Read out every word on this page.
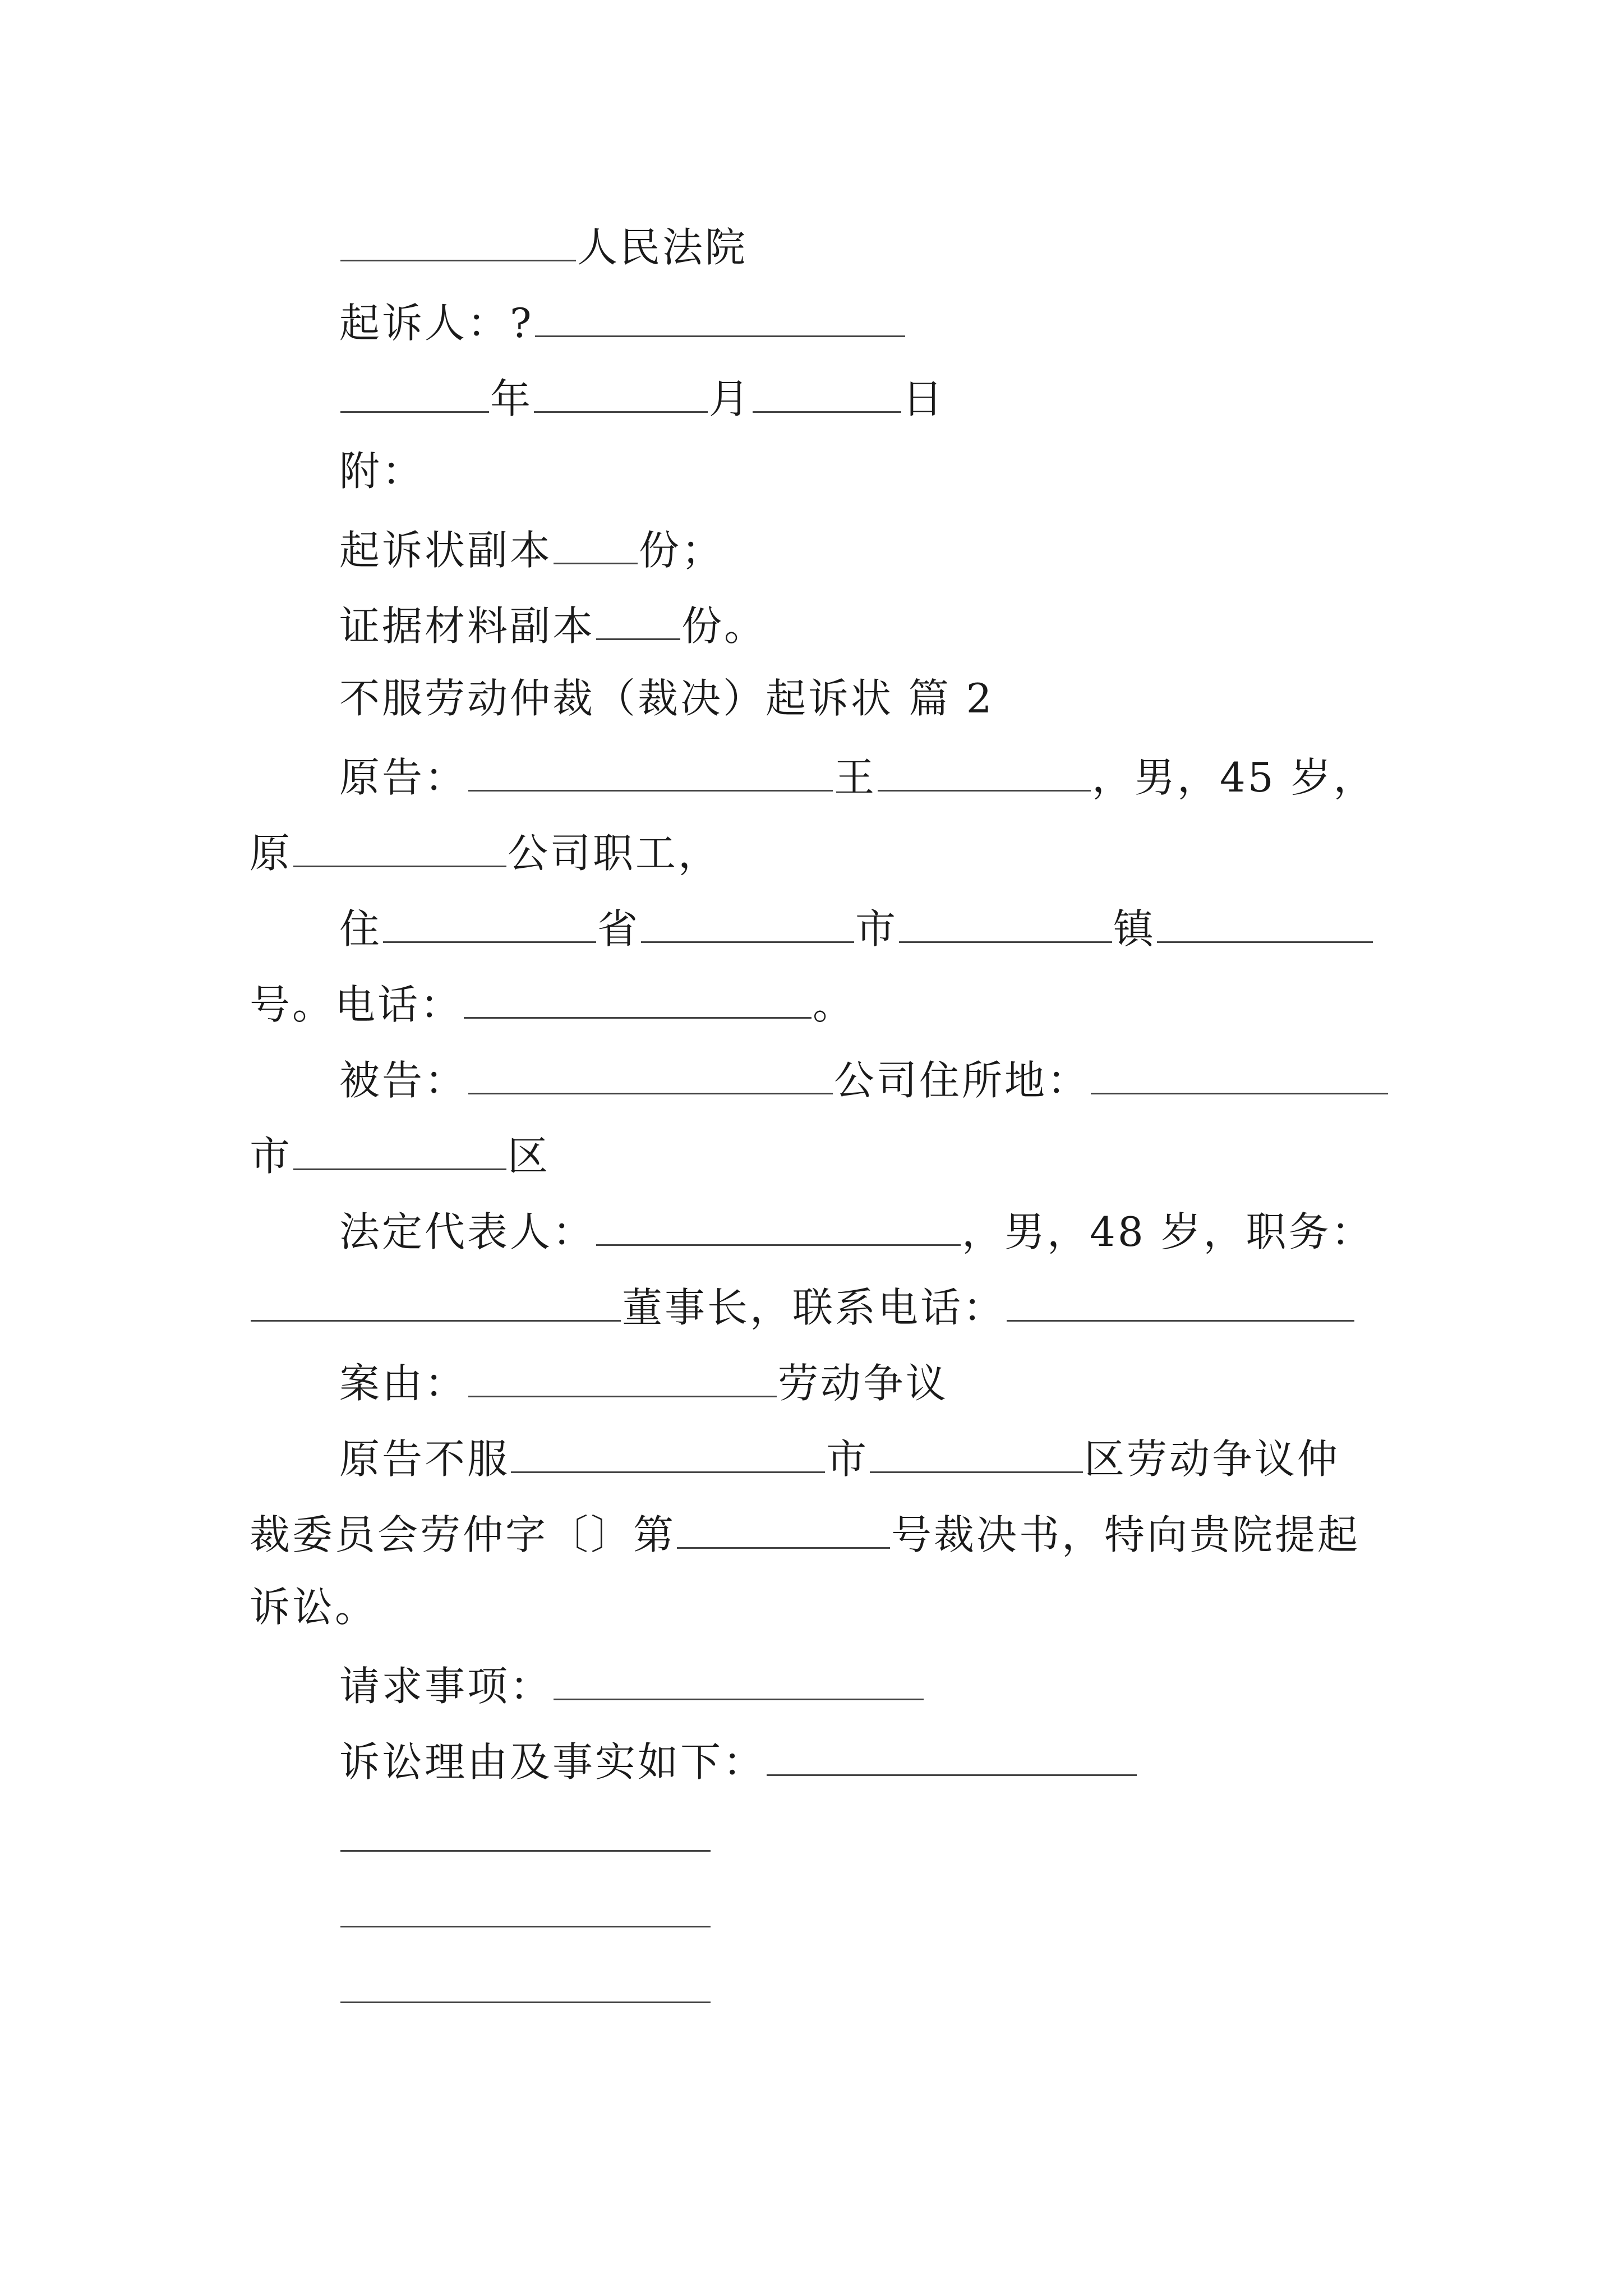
人民法院
起诉人：?
年	月	日
附：
起诉状副本 份；
证据材料副本 份。
不服劳动仲裁（裁决）起诉状 篇 2
原告：	王	，男，45 岁，
原	公司职工，
住	省	市	镇
号。电话：	。
被告：	公司住所地：
市	区
法定代表人：	，男，48 岁，职务：
董事长，联系电话：
案由：	劳动争议
原告不服	市	区劳动争议仲
裁委员会劳仲字〔〕第	号裁决书，特向贵院提起
诉讼。
请求事项：
诉讼理由及事实如下：
